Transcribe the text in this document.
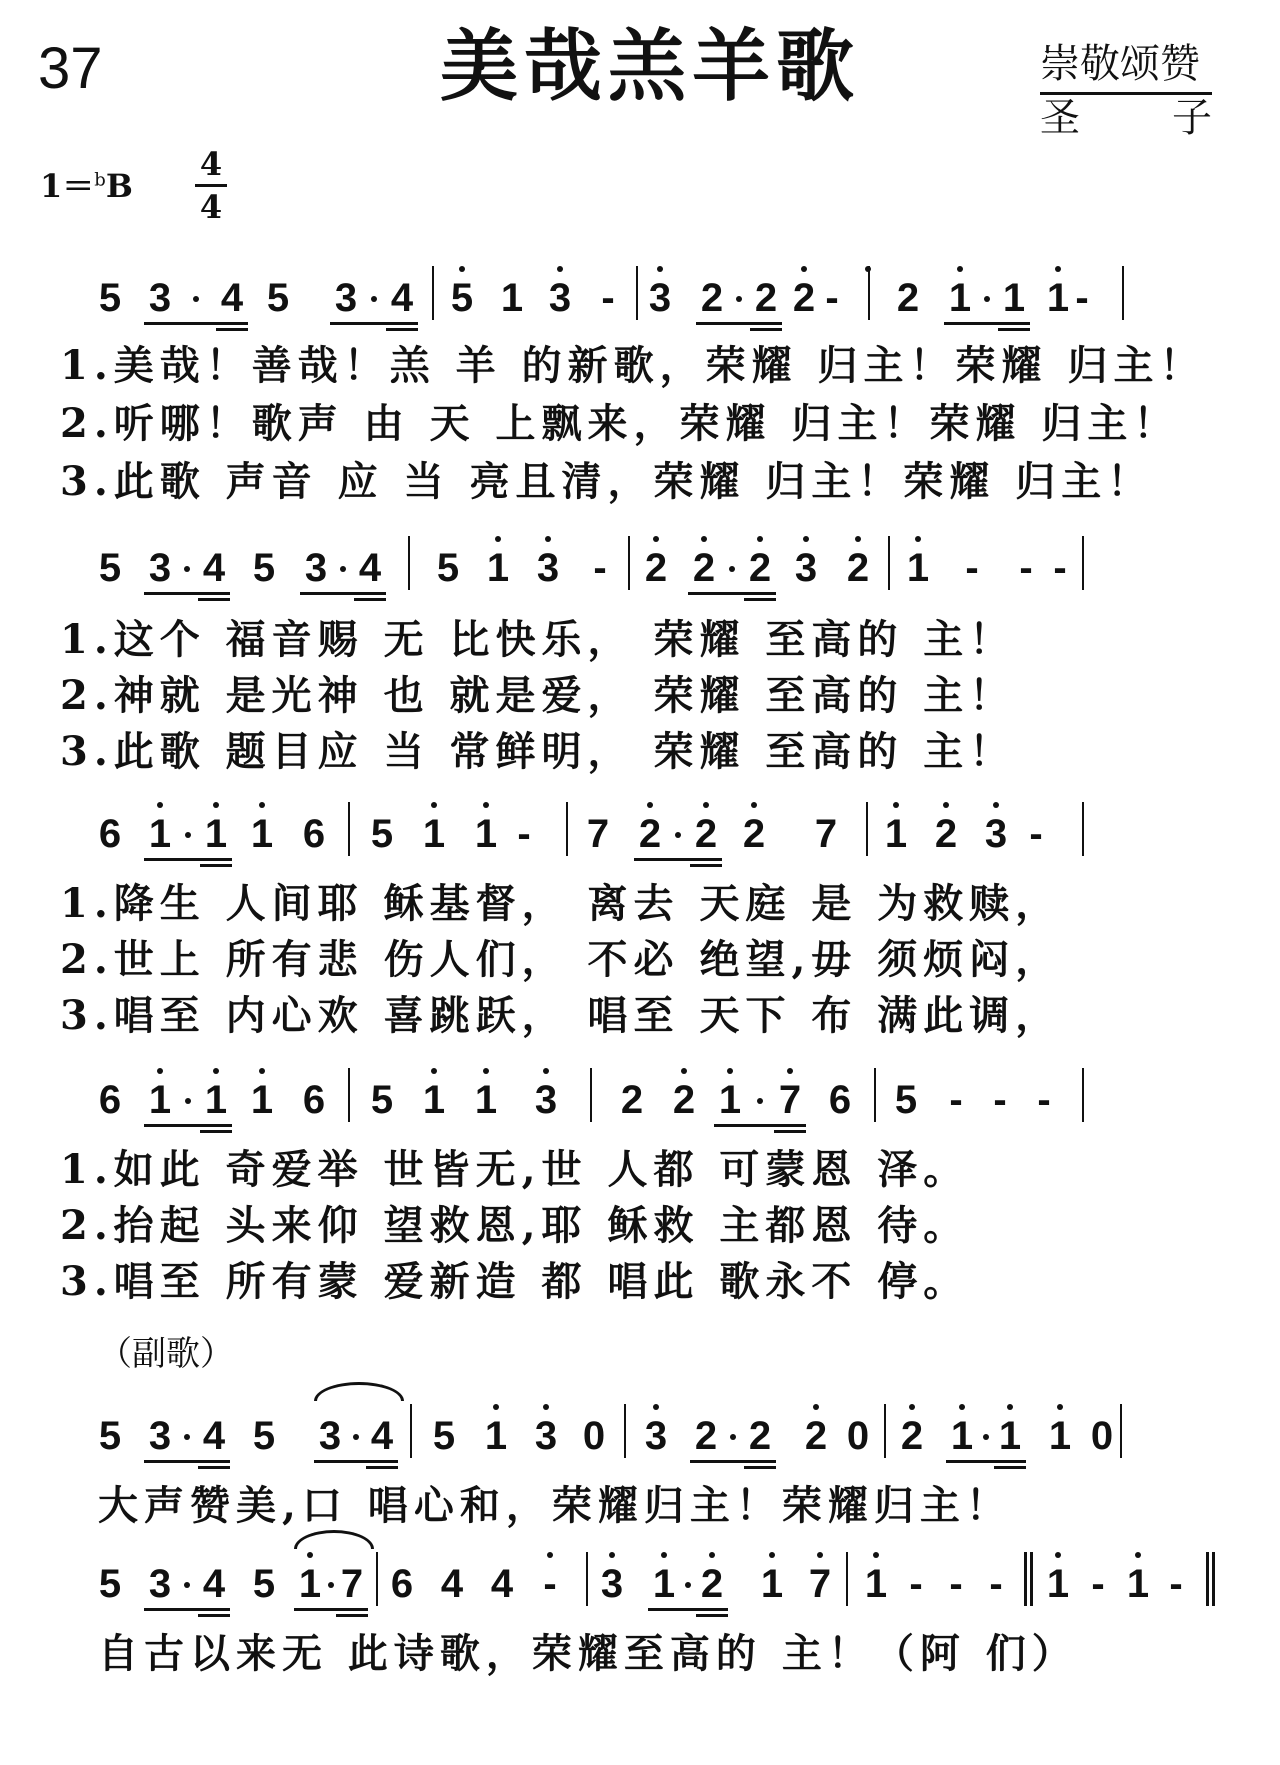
37	美哉羔羊歌	崇敬颂赞
圣 子
1＝$^b$B
4
4
5 3 4 5 3 4 5 1 3 - 3 2 2 2 - 2 1 1 1 -
1.美哉！善哉！羔 羊 的新歌，荣耀 归主！荣耀 归主！
2.听哪！歌声 由 天 上飘来，荣耀 归主！荣耀 归主！
3.此歌 声音 应 当 亮且清，荣耀 归主！荣耀 归主！
5 3 4 5 3 4 5 1 3 - 2 2 2 3 2 1 - - -
1.这个 福音赐 无 比快乐， 荣耀 至高的 主！
2.神就 是光神 也 就是爱， 荣耀 至高的 主！
3.此歌 题目应 当 常鲜明， 荣耀 至高的 主！
6 1 1 1 6 5 1 1 - 7 2 2 2 7 1 2 3 -
1.降生 人间耶 稣基督， 离去 天庭 是 为救赎，
2.世上 所有悲 伤人们， 不必 绝望,毋 须烦闷，
3.唱至 内心欢 喜跳跃， 唱至 天下 布 满此调，
6 1 1 1 6 5 1 1 3 2 2 1 7 6 5 - - -
1.如此 奇爱举 世皆无,世 人都 可蒙恩 泽。
2.抬起 头来仰 望救恩,耶 稣救 主都恩 待。
3.唱至 所有蒙 爱新造 都 唱此 歌永不 停。
（副歌）
5 3 4 5 3 4 5 1 3 0 3 2 2 2 0 2 1 1 1 0
大声赞美,口 唱心和，荣耀归主！荣耀归主！
5 3 4 5 1 7 6 4 4 - 3 1 2 1 7 1 - - - 1 - 1 -
自古以来无 此诗歌，荣耀至高的 主！（阿 们）
